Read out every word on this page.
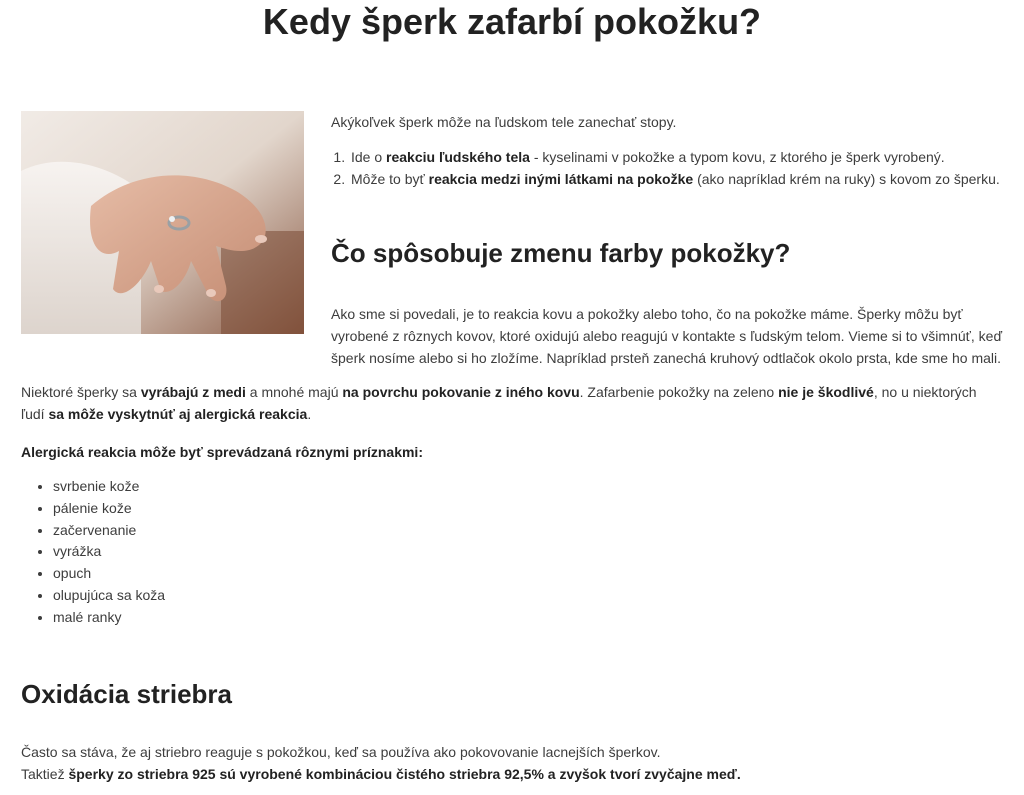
Kedy šperk zafarbí pokožku?

Akýkoľvek šperk môže na ľudskom tele zanechať stopy.

1. Ide o reakciu ľudského tela - kyselinami v pokožke a typom kovu, z ktorého je šperk vyrobený.
2. Môže to byť reakcia medzi inými látkami na pokožke (ako napríklad krém na ruky) s kovom zo šperku.
Čo spôsobuje zmenu farby pokožky?

Ako sme si povedali, je to reakcia kovu a pokožky alebo toho, čo na pokožke máme. Šperky môžu byť vyrobené z rôznych kovov, ktoré oxidujú alebo reagujú v kontakte s ľudským telom. Vieme si to všimnúť, keď šperk nosíme alebo si ho zložíme. Napríklad prsteň zanechá kruhový odtlačok okolo prsta, kde sme ho mali.

Niektoré šperky sa vyrábajú z medi a mnohé majú na povrchu pokovanie z iného kovu. Zafarbenie pokožky na zeleno nie je škodlivé, no u niektorých ľudí sa môže vyskytnúť aj alergická reakcia.

Alergická reakcia môže byť sprevádzaná rôznymi príznakmi:

• svrbenie kože
• pálenie kože
• začervenanie
• vyrážka
• opuch
• olupujúca sa koža
• malé ranky
Oxidácia striebra
Často sa stáva, že aj striebro reaguje s pokožkou, keď sa používa ako pokovovanie lacnejších šperkov.
Taktiež šperky zo striebra 925 sú vyrobené kombináciou čistého striebra 92,5% a zvyšok tvorí zvyčajne meď.
